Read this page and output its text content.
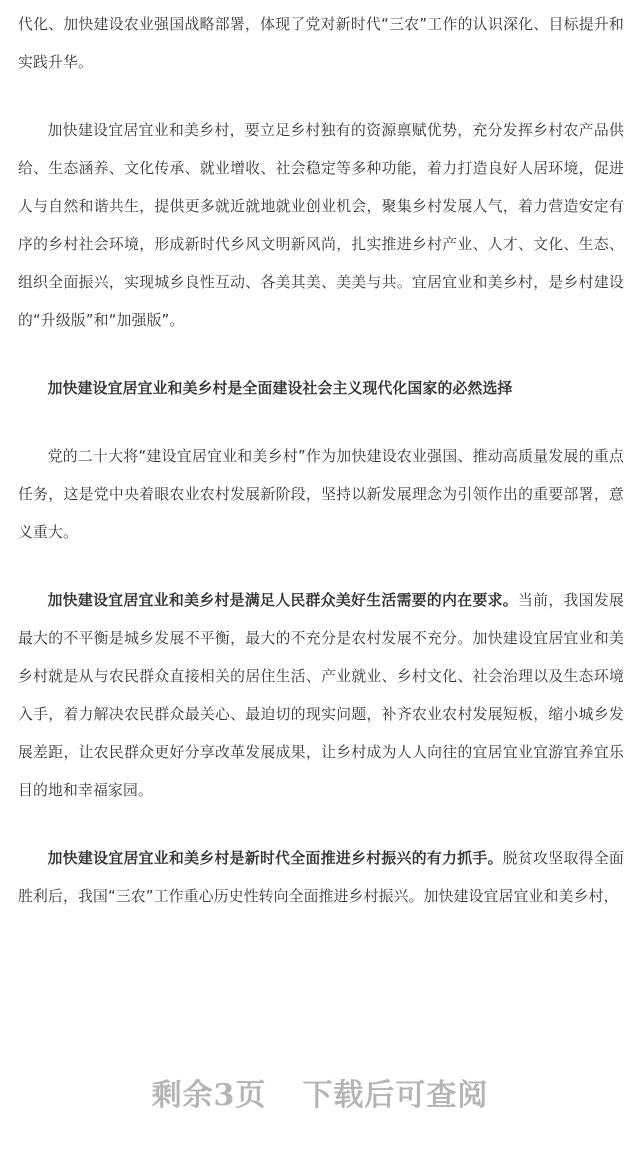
代化、加快建设农业强国战略部署，体现了党对新时代“三农”工作的认识深化、目标提升和实践升华。

加快建设宜居宜业和美乡村，要立足乡村独有的资源禀赋优势，充分发挥乡村农产品供给、生态涵养、文化传承、就业增收、社会稳定等多种功能，着力打造良好人居环境，促进人与自然和谐共生，提供更多就近就地就业创业机会，聚集乡村发展人气，着力营造安定有序的乡村社会环境，形成新时代乡风文明新风尚，扎实推进乡村产业、人才、文化、生态、组织全面振兴，实现城乡良性互动、各美其美、美美与共。宜居宜业和美乡村，是乡村建设的“升级版”和“加强版”。

加快建设宜居宜业和美乡村是全面建设社会主义现代化国家的必然选择

党的二十大将“建设宜居宜业和美乡村”作为加快建设农业强国、推动高质量发展的重点任务，这是党中央着眼农业农村发展新阶段，坚持以新发展理念为引领作出的重要部署，意义重大。

加快建设宜居宜业和美乡村是满足人民群众美好生活需要的内在要求。当前，我国发展最大的不平衡是城乡发展不平衡，最大的不充分是农村发展不充分。加快建设宜居宜业和美乡村就是从与农民群众直接相关的居住生活、产业就业、乡村文化、社会治理以及生态环境入手，着力解决农民群众最关心、最迫切的现实问题，补齐农业农村发展短板，缩小城乡发展差距，让农民群众更好分享改革发展成果，让乡村成为人人向往的宜居宜业宜游宜养宜乐目的地和幸福家园。

加快建设宜居宜业和美乡村是新时代全面推进乡村振兴的有力抓手。脱贫攻坚取得全面胜利后，我国“三农”工作重心历史性转向全面推进乡村振兴。加快建设宜居宜业和美乡村，

剩余3页 下载后可查阅
